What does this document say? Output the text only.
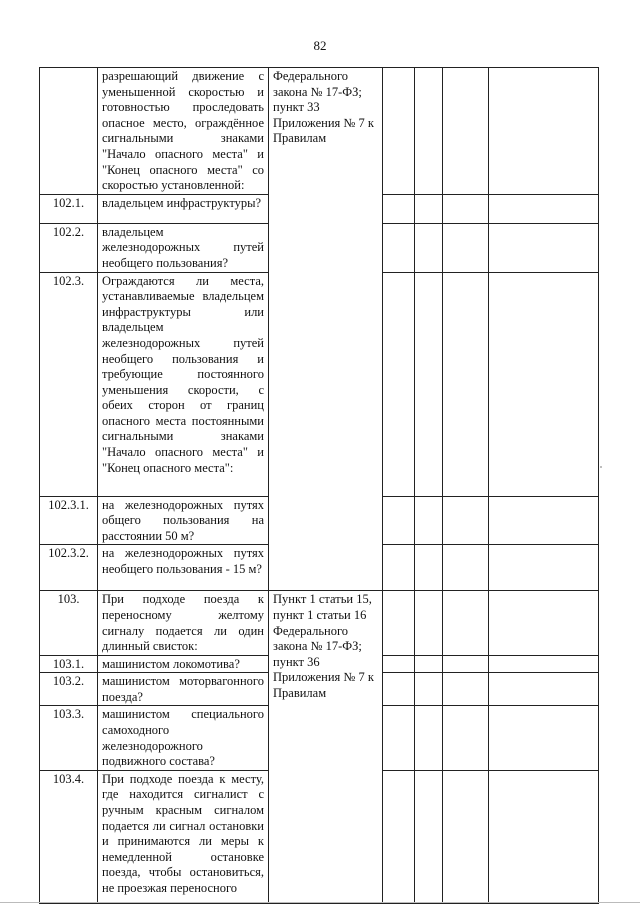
82
	разрешающий движение с уменьшенной скоростью и готовностью проследовать опасное место, ограждённое сигнальными знаками "Начало опасного места" и "Конец опасного места" со скоростью установленной:	Федерального закона № 17-ФЗ; пункт 33 Приложения № 7 к Правилам				
102.1.	владельцем инфраструктуры?					
102.2.	владельцем железнодорожных путей необщего пользования?					
102.3.	Ограждаются ли места, устанавливаемые владельцем инфраструктуры или владельцем железнодорожных путей необщего пользования и требующие постоянного уменьшения скорости, с обеих сторон от границ опасного места постоянными сигнальными знаками "Начало опасного места" и "Конец опасного места":					
102.3.1.	на железнодорожных путях общего пользования на расстоянии 50 м?					
102.3.2.	на железнодорожных путях необщего пользования - 15 м?					
103.	При подходе поезда к переносному желтому сигналу подается ли один длинный свисток:	Пункт 1 статьи 15, пункт 1 статьи 16 Федерального закона № 17-ФЗ; пункт 36 Приложения № 7 к Правилам				
103.1.	машинистом локомотива?					
103.2.	машинистом моторвагонного поезда?					
103.3.	машинистом специального самоходного железнодорожного подвижного состава?					
103.4.	При подходе поезда к месту, где находится сигналист с ручным красным сигналом подается ли сигнал остановки и принимаются ли меры к немедленной остановке поезда, чтобы остановиться, не проезжая переносного					
